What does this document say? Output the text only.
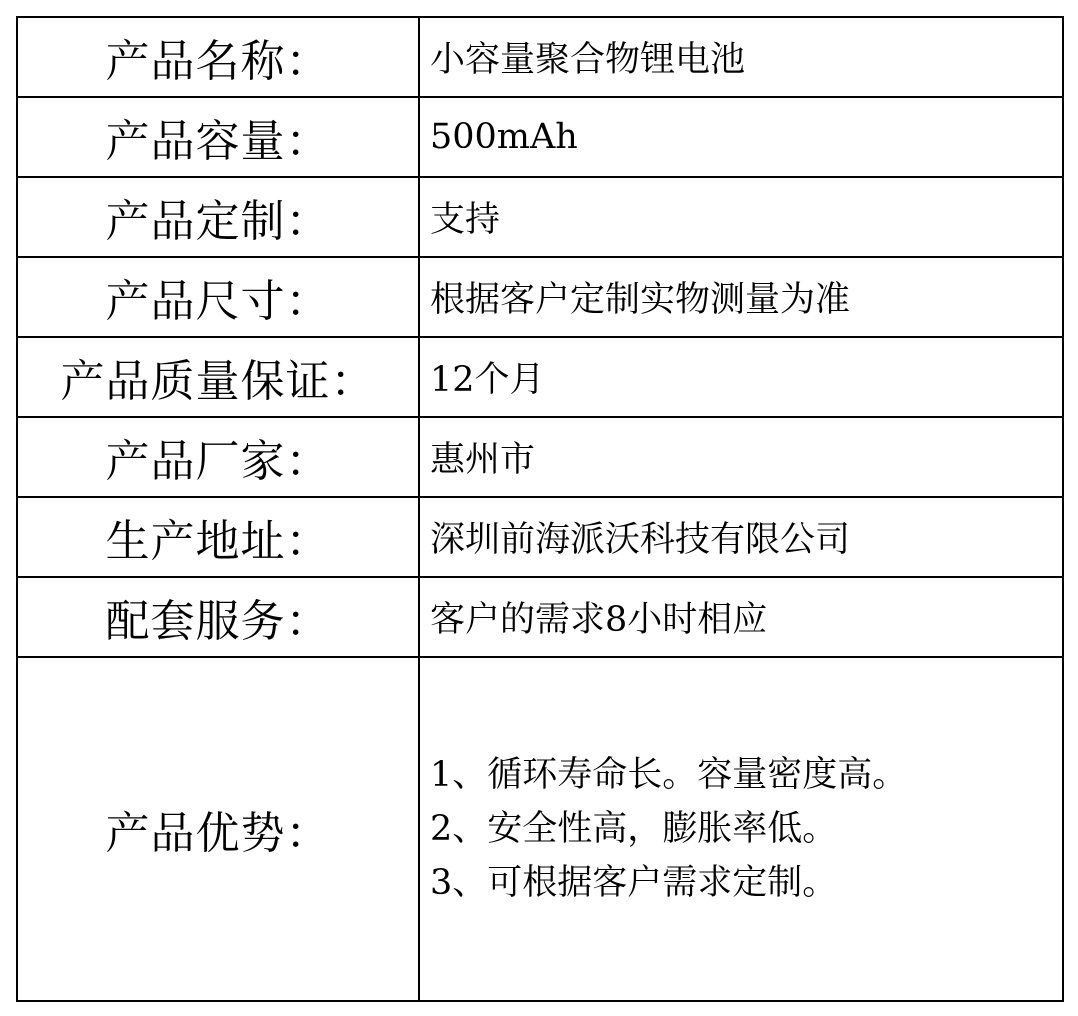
产品名称：	小容量聚合物锂电池
产品容量：	500mAh
产品定制：	支持
产品尺寸：	根据客户定制实物测量为准
产品质量保证：	12个月
产品厂家：	惠州市
生产地址：	深圳前海派沃科技有限公司
配套服务：	客户的需求8小时相应
产品优势：	1、循环寿命长。容量密度高。
2、安全性高，膨胀率低。
3、可根据客户需求定制。
